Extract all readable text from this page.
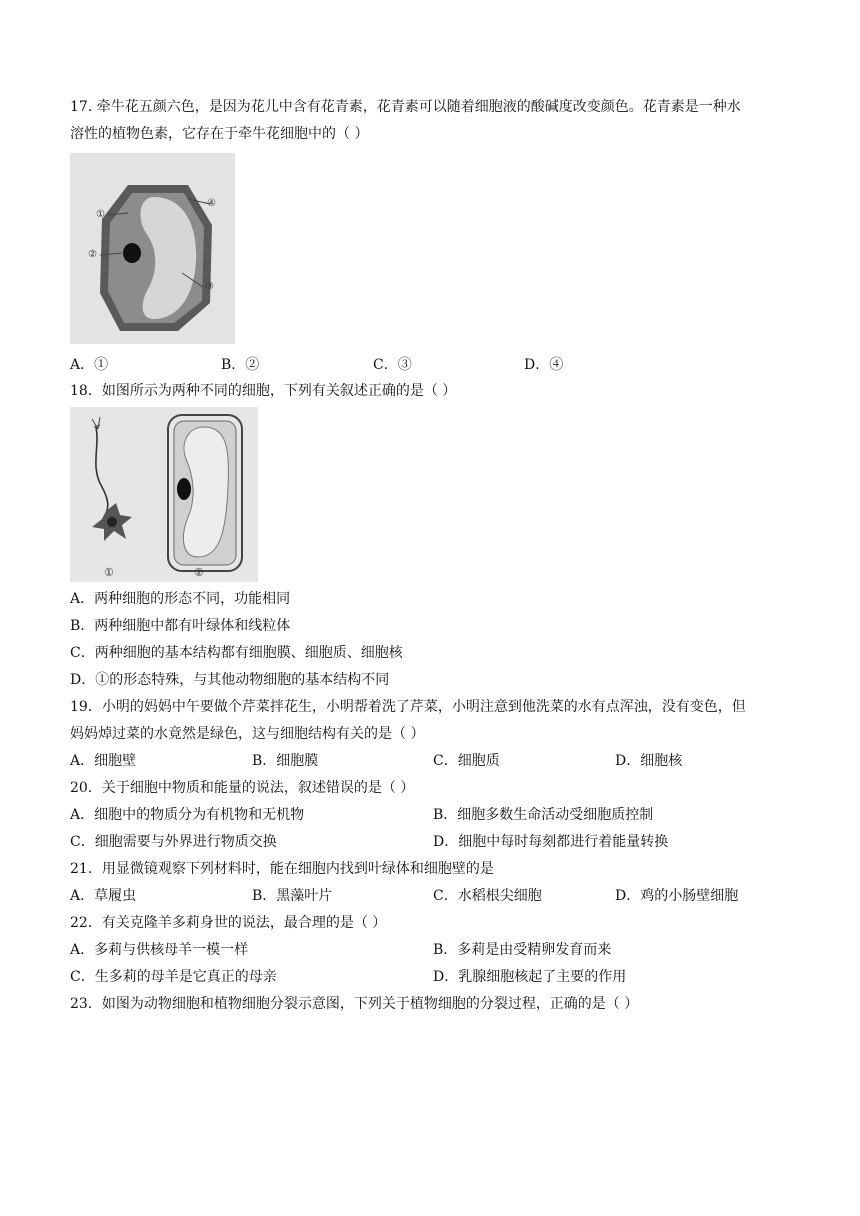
17. 牵牛花五颜六色，是因为花儿中含有花青素，花青素可以随着细胞液的酸碱度改变颜色。花青素是一种水
溶性的植物色素，它存在于牵牛花细胞中的（ ）
①
②
③
④
A．①	B．②	C．③	D．④
18．如图所示为两种不同的细胞，下列有关叙述正确的是（ ）
①	②
A．两种细胞的形态不同，功能相同
B．两种细胞中都有叶绿体和线粒体
C．两种细胞的基本结构都有细胞膜、细胞质、细胞核
D．①的形态特殊，与其他动物细胞的基本结构不同
19．小明的妈妈中午要做个芹菜拌花生，小明帮着洗了芹菜，小明注意到他洗菜的水有点浑浊，没有变色，但
妈妈焯过菜的水竟然是绿色，这与细胞结构有关的是（ ）
A．细胞壁	B．细胞膜	C．细胞质	D．细胞核
20．关于细胞中物质和能量的说法，叙述错误的是（ ）
A．细胞中的物质分为有机物和无机物	B．细胞多数生命活动受细胞质控制
C．细胞需要与外界进行物质交换	D．细胞中每时每刻都进行着能量转换
21．用显微镜观察下列材料时，能在细胞内找到叶绿体和细胞壁的是
A．草履虫	B．黑藻叶片	C．水稻根尖细胞	D．鸡的小肠壁细胞
22．有关克隆羊多莉身世的说法，最合理的是（ ）
A．多莉与供核母羊一模一样	B．多莉是由受精卵发育而来
C．生多莉的母羊是它真正的母亲	D．乳腺细胞核起了主要的作用
23．如图为动物细胞和植物细胞分裂示意图，下列关于植物细胞的分裂过程，正确的是（ ）
